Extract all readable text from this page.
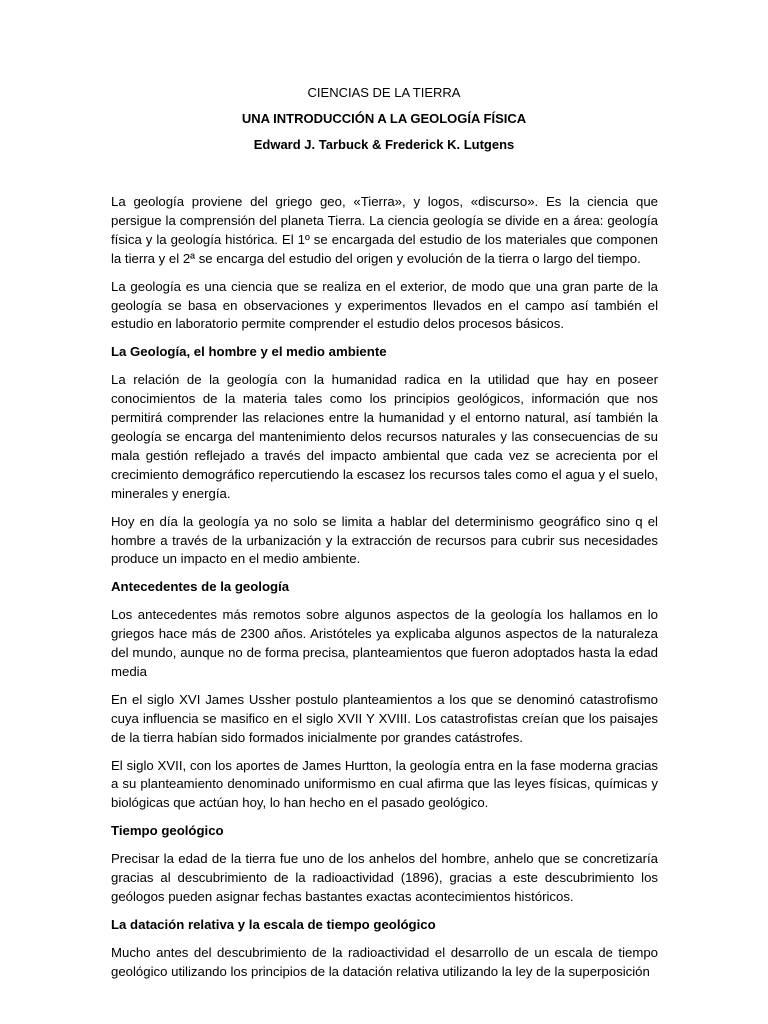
CIENCIAS DE LA TIERRA

UNA INTRODUCCIÓN A LA GEOLOGÍA FÍSICA

Edward J. Tarbuck & Frederick K. Lutgens

La geología proviene del griego geo, «Tierra», y logos, «discurso». Es la ciencia que persigue la comprensión del planeta Tierra. La ciencia geología se divide en a área: geología física y la geología histórica. El 1º se encargada del estudio de los materiales que componen la tierra y el 2ª se encarga del estudio del origen y evolución de la tierra o largo del tiempo.

La geología es una ciencia que se realiza en el exterior, de modo que una gran parte de la geología se basa en observaciones y experimentos llevados en el campo así también el estudio en laboratorio permite comprender el estudio delos procesos básicos.

La Geología, el hombre y el medio ambiente

La relación de la geología con la humanidad radica en la utilidad que hay en poseer conocimientos de la materia tales como los principios geológicos, información que nos permitirá comprender las relaciones entre la humanidad y el entorno natural, así también la geología se encarga del mantenimiento delos recursos naturales y las consecuencias de su mala gestión reflejado a través del impacto ambiental que cada vez se acrecienta por el crecimiento demográfico repercutiendo la escasez los recursos tales como el agua y el suelo, minerales y energía.

Hoy en día la geología ya no solo se limita a hablar del determinismo geográfico sino q el hombre a través de la urbanización y la extracción de recursos para cubrir sus necesidades produce un impacto en el medio ambiente.

Antecedentes de la geología

Los antecedentes más remotos sobre algunos aspectos de la geología los hallamos en lo griegos hace más de 2300 años. Aristóteles ya explicaba algunos aspectos de la naturaleza del mundo, aunque no de forma precisa, planteamientos que fueron adoptados hasta la edad media

En el siglo XVI James Ussher postulo planteamientos a los que se denominó catastrofismo cuya influencia se masifico en el siglo XVII Y XVIII. Los catastrofistas creían que los paisajes de la tierra habían sido formados inicialmente por grandes catástrofes.

El siglo XVII, con los aportes de James Hurtton, la geología entra en la fase moderna gracias a su planteamiento denominado uniformismo en cual afirma que las leyes físicas, químicas y biológicas que actúan hoy, lo han hecho en el pasado geológico.

Tiempo geológico

Precisar la edad de la tierra fue uno de los anhelos del hombre, anhelo que se concretizaría gracias al descubrimiento de la radioactividad (1896), gracias a este descubrimiento los geólogos pueden asignar fechas bastantes exactas acontecimientos históricos.

La datación relativa y la escala de tiempo geológico

Mucho antes del descubrimiento de la radioactividad el desarrollo de un escala de tiempo geológico utilizando los principios de la datación relativa utilizando la ley de la superposición
